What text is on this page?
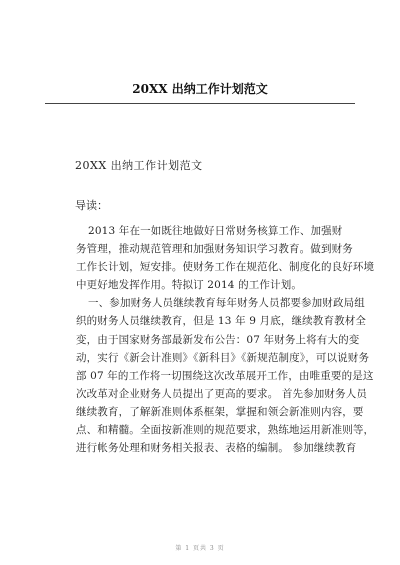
20XX 出纳工作计划范文
20XX 出纳工作计划范文
导读：
2013 年在一如既往地做好日常财务核算工作、加强财
务管理，推动规范管理和加强财务知识学习教育。做到财务
工作长计划，短安排。使财务工作在规范化、制度化的良好环境
中更好地发挥作用。特拟订 2014 的工作计划。
一、参加财务人员继续教育每年财务人员都要参加财政局组
织的财务人员继续教育，但是 13 年 9 月底，继续教育教材全
变，由于国家财务部最新发布公告：07 年财务上将有大的变
动，实行《新会计准则》《新科目》《新规范制度》，可以说财务
部 07 年的工作将一切围绕这次改革展开工作，由唯重要的是这
次改革对企业财务人员提出了更高的要求。 首先参加财务人员
继续教育，了解新准则体系框架，掌握和领会新准则内容，要
点、和精髓。全面按新准则的规范要求，熟练地运用新准则等，
进行帐务处理和财务相关报表、表格的编制。 参加继续教育
第 1 页共 3 页
